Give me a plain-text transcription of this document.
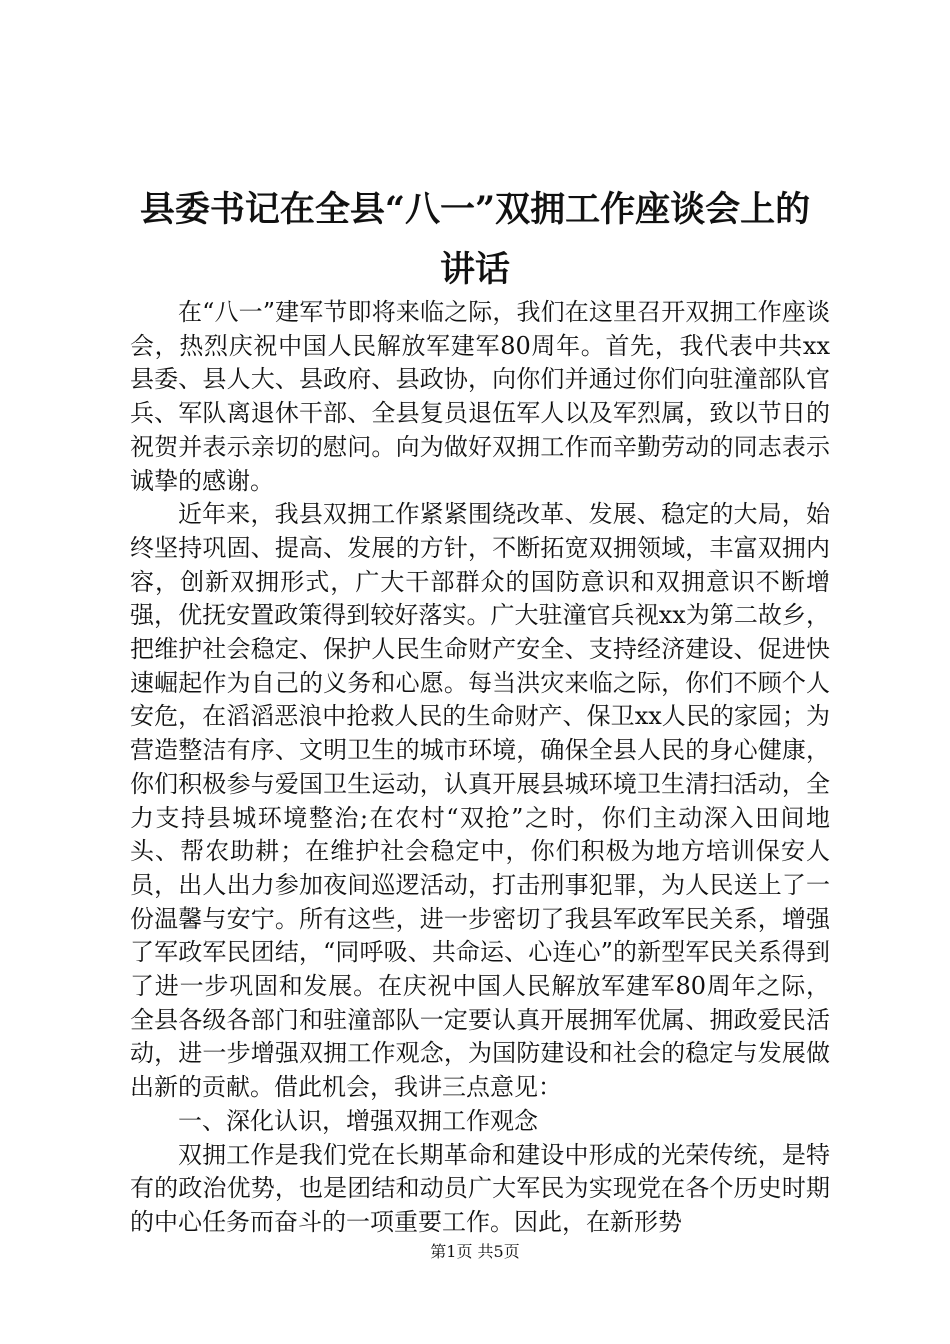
县委书记在全县“八一”双拥工作座谈会上的
讲话

在“八一”建军节即将来临之际，我们在这里召开双拥工作座谈会，热烈庆祝中国人民解放军建军80周年。首先，我代表中共xx县委、县人大、县政府、县政协，向你们并通过你们向驻潼部队官兵、军队离退休干部、全县复员退伍军人以及军烈属，致以节日的祝贺并表示亲切的慰问。向为做好双拥工作而辛勤劳动的同志表示诚挚的感谢。

近年来，我县双拥工作紧紧围绕改革、发展、稳定的大局，始终坚持巩固、提高、发展的方针，不断拓宽双拥领域，丰富双拥内容，创新双拥形式，广大干部群众的国防意识和双拥意识不断增强，优抚安置政策得到较好落实。广大驻潼官兵视xx为第二故乡，把维护社会稳定、保护人民生命财产安全、支持经济建设、促进快速崛起作为自己的义务和心愿。每当洪灾来临之际，你们不顾个人安危，在滔滔恶浪中抢救人民的生命财产、保卫xx人民的家园；为营造整洁有序、文明卫生的城市环境，确保全县人民的身心健康，你们积极参与爱国卫生运动，认真开展县城环境卫生清扫活动，全力支持县城环境整治;在农村“双抢”之时，你们主动深入田间地头、帮农助耕；在维护社会稳定中，你们积极为地方培训保安人员，出人出力参加夜间巡逻活动，打击刑事犯罪，为人民送上了一份温馨与安宁。所有这些，进一步密切了我县军政军民关系，增强了军政军民团结，“同呼吸、共命运、心连心”的新型军民关系得到了进一步巩固和发展。在庆祝中国人民解放军建军80周年之际，全县各级各部门和驻潼部队一定要认真开展拥军优属、拥政爱民活动，进一步增强双拥工作观念，为国防建设和社会的稳定与发展做出新的贡献。借此机会，我讲三点意见：

一、深化认识，增强双拥工作观念

双拥工作是我们党在长期革命和建设中形成的光荣传统，是特有的政治优势，也是团结和动员广大军民为实现党在各个历史时期的中心任务而奋斗的一项重要工作。因此，在新形势

第1页 共5页
